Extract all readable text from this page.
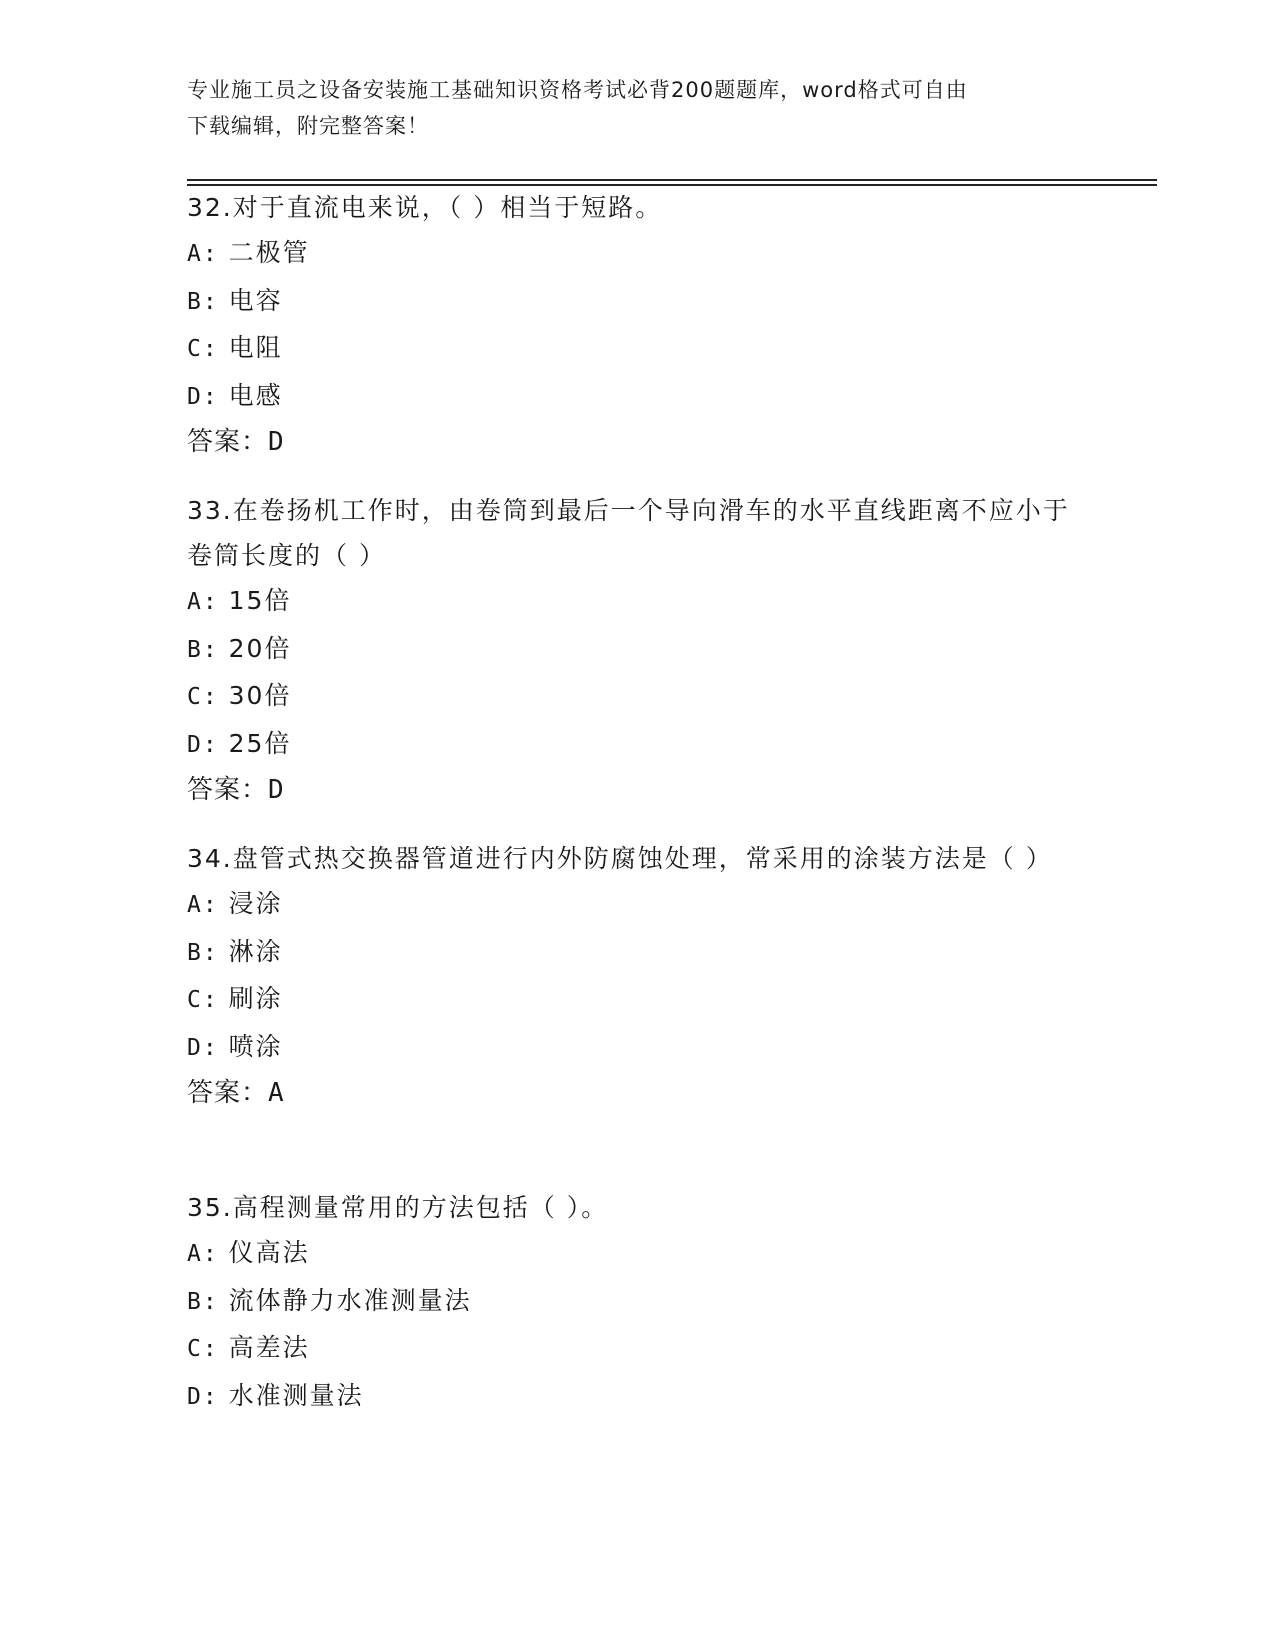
专业施工员之设备安装施工基础知识资格考试必背200题题库，word格式可自由
下载编辑，附完整答案！

32.对于直流电来说，（ ）相当于短路。

A: 二极管

B: 电容

C: 电阻

D: 电感

答案：D

33.在卷扬机工作时，由卷筒到最后一个导向滑车的水平直线距离不应小于卷筒长度的（ ）

A: 15倍

B: 20倍

C: 30倍

D: 25倍

答案：D

34.盘管式热交换器管道进行内外防腐蚀处理，常采用的涂装方法是（ ）

A: 浸涂

B: 淋涂

C: 刷涂

D: 喷涂

答案：A

35.高程测量常用的方法包括（ ）。

A: 仪高法

B: 流体静力水准测量法

C: 高差法

D: 水准测量法
